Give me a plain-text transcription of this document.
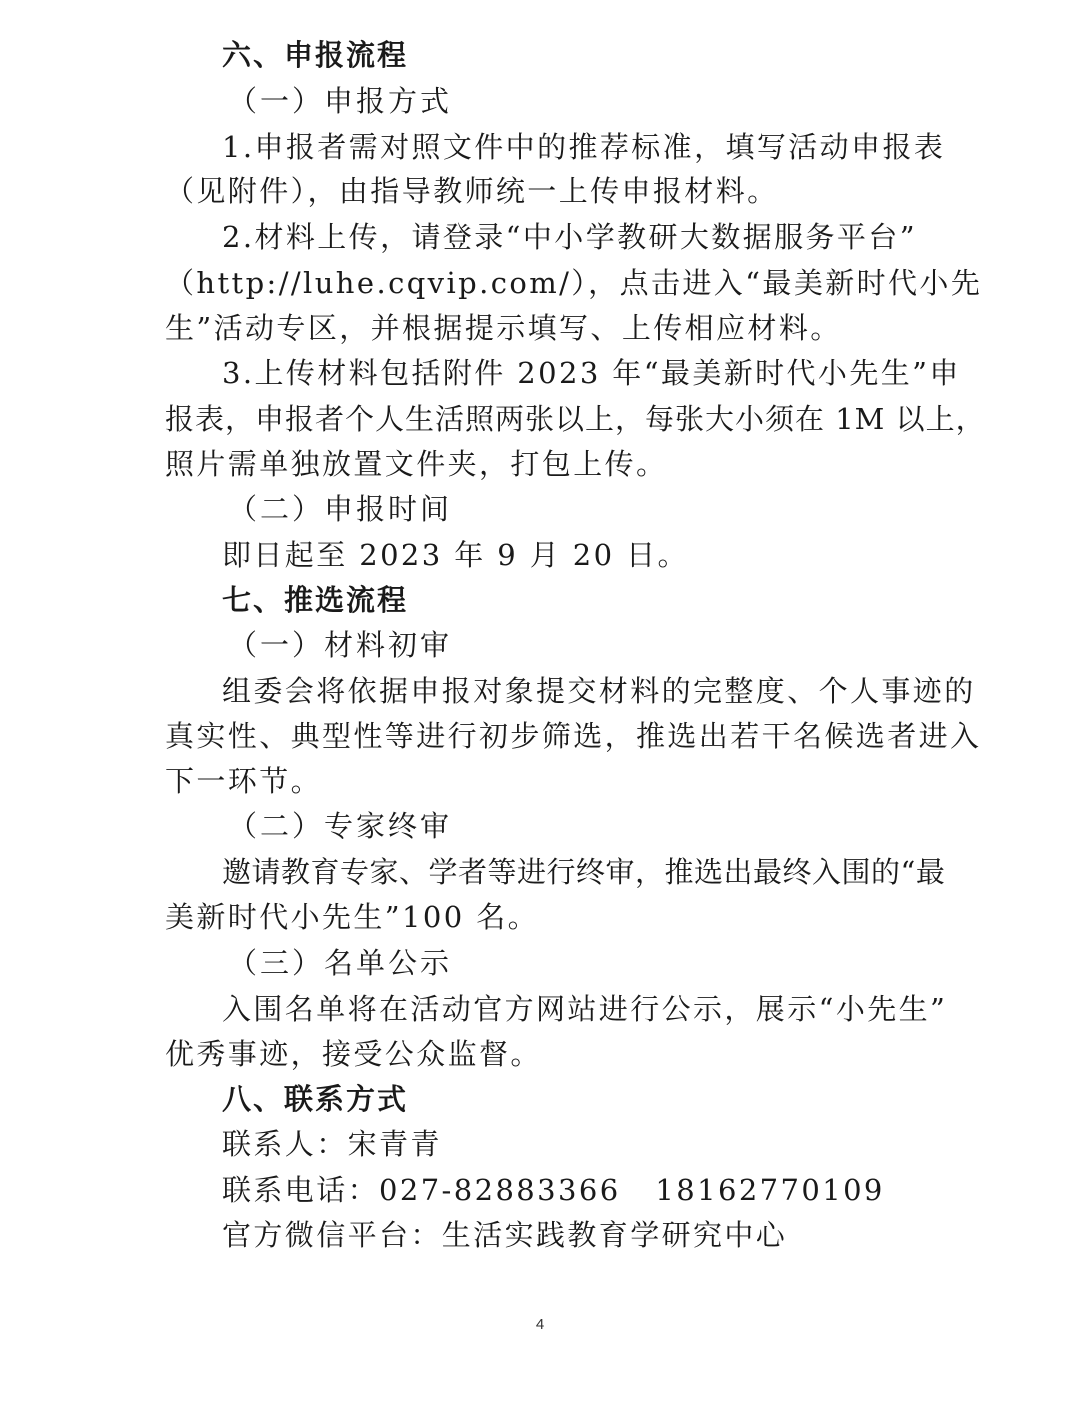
六、申报流程
（一）申报方式
1.申报者需对照文件中的推荐标准，填写活动申报表
（见附件），由指导教师统一上传申报材料。
2.材料上传，请登录“中小学教研大数据服务平台”
（http://luhe.cqvip.com/），点击进入“最美新时代小先
生”活动专区，并根据提示填写、上传相应材料。
3.上传材料包括附件 2023 年“最美新时代小先生”申
报表，申报者个人生活照两张以上，每张大小须在 1M 以上，
照片需单独放置文件夹，打包上传。
（二）申报时间
即日起至 2023 年 9 月 20 日。
七、推选流程
（一）材料初审
组委会将依据申报对象提交材料的完整度、个人事迹的
真实性、典型性等进行初步筛选，推选出若干名候选者进入
下一环节。
（二）专家终审
邀请教育专家、学者等进行终审，推选出最终入围的“最
美新时代小先生”100 名。
（三）名单公示
入围名单将在活动官方网站进行公示，展示“小先生”
优秀事迹，接受公众监督。
八、联系方式
联系人：宋青青
联系电话：027-82883366   18162770109
官方微信平台：生活实践教育学研究中心
4
